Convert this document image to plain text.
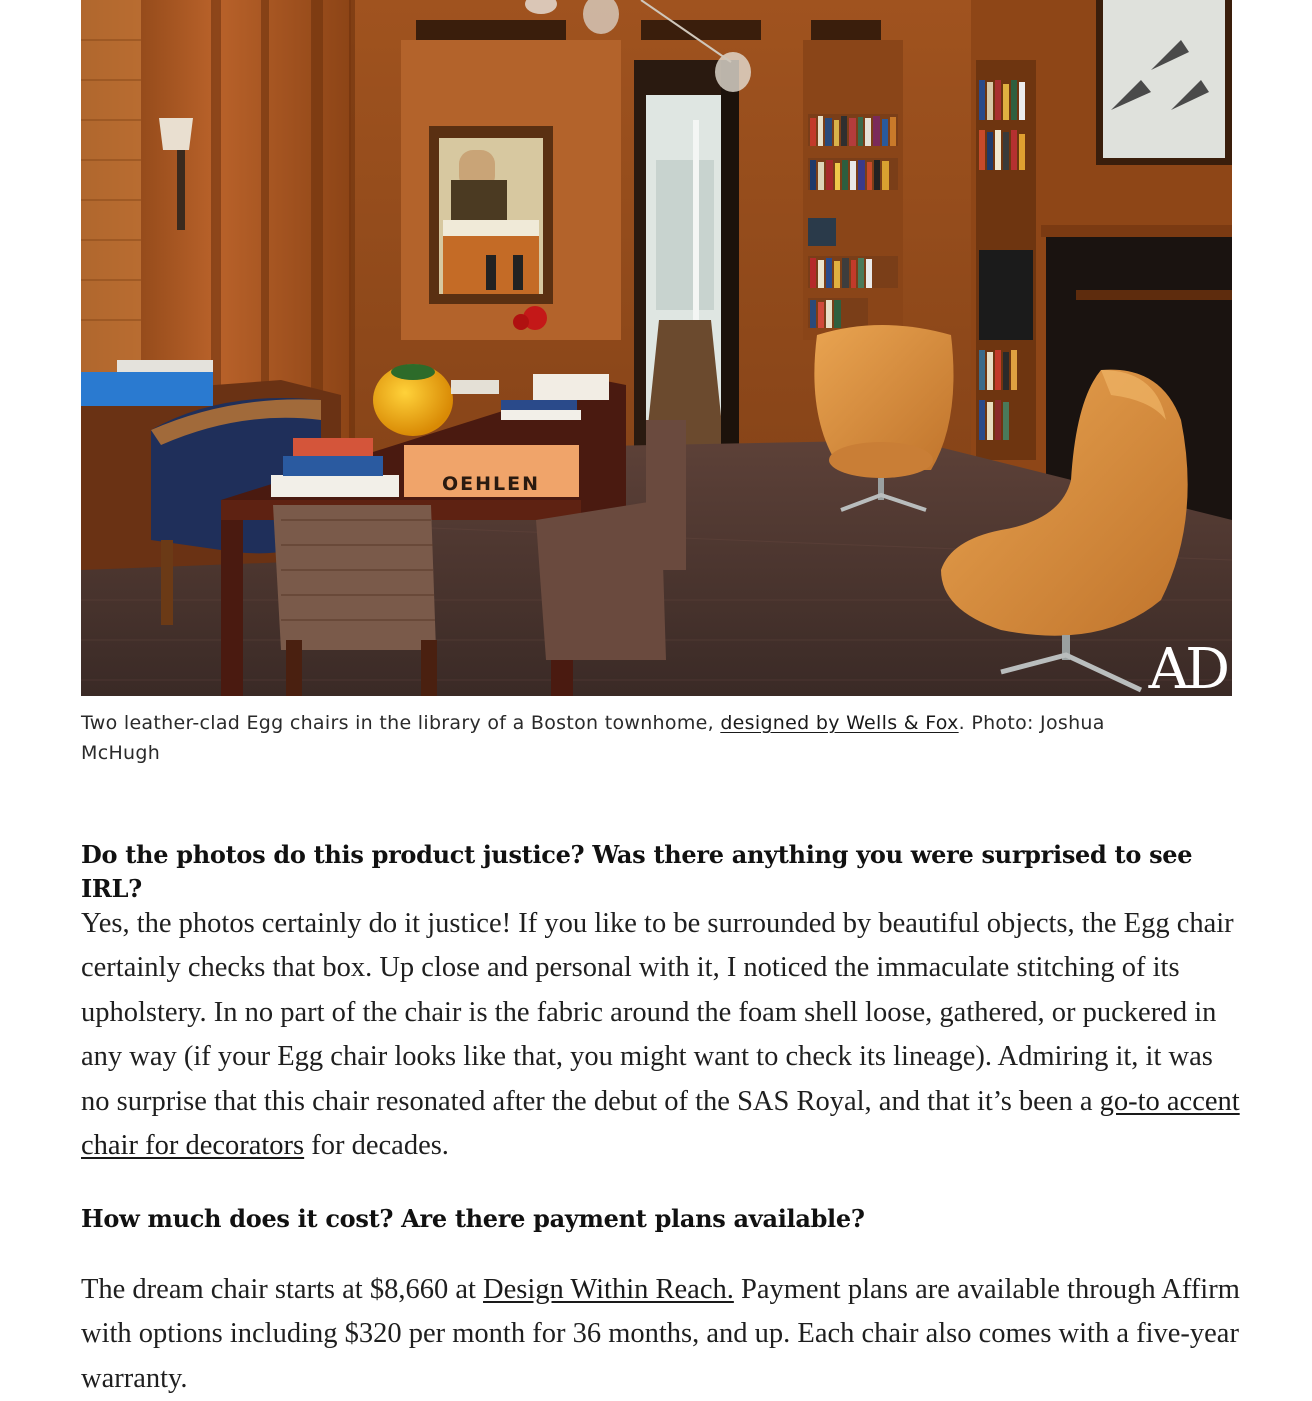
OEHLEN
AD

Two leather-clad Egg chairs in the library of a Boston townhome, designed by Wells & Fox. Photo: Joshua McHugh

Do the photos do this product justice? Was there anything you were surprised to see IRL?

Yes, the photos certainly do it justice! If you like to be surrounded by beautiful objects, the Egg chair certainly checks that box. Up close and personal with it, I noticed the immaculate stitching of its upholstery. In no part of the chair is the fabric around the foam shell loose, gathered, or puckered in any way (if your Egg chair looks like that, you might want to check its lineage). Admiring it, it was no surprise that this chair resonated after the debut of the SAS Royal, and that it’s been a go-to accent chair for decorators for decades.

How much does it cost? Are there payment plans available?

The dream chair starts at $8,660 at Design Within Reach. Payment plans are available through Affirm with options including $320 per month for 36 months, and up. Each chair also comes with a five-year warranty.
